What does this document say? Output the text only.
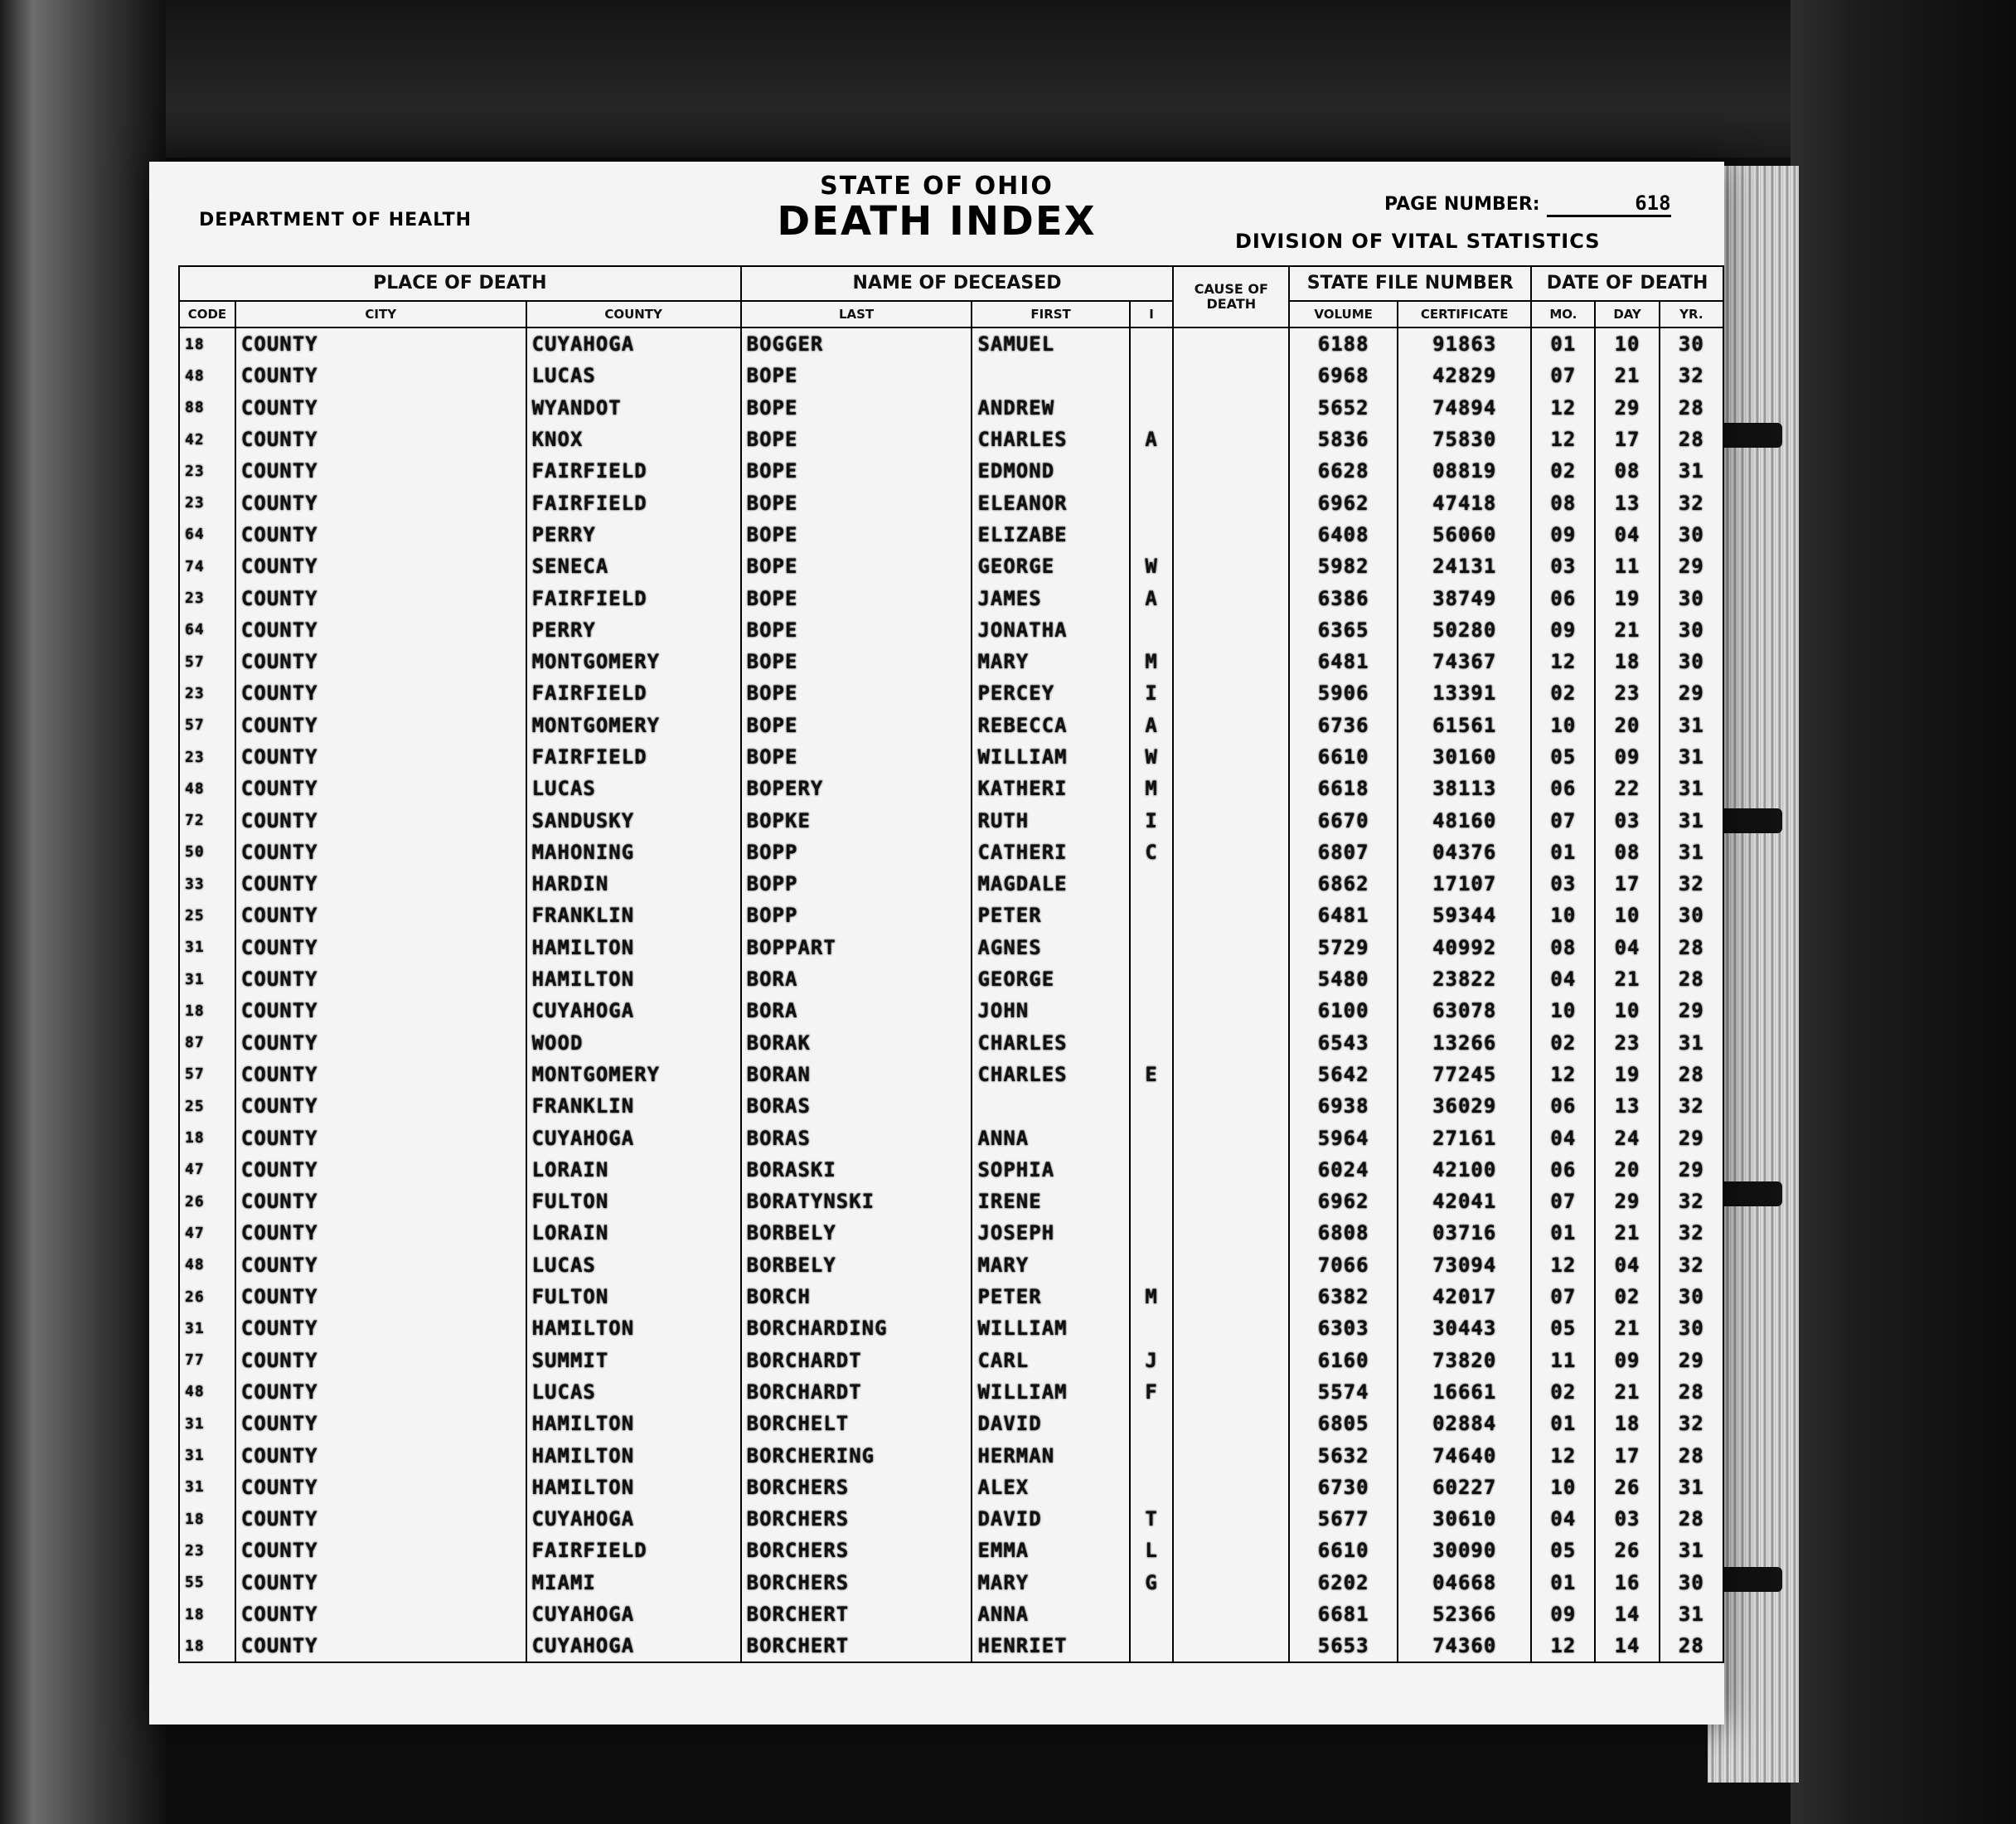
DEPARTMENT OF HEALTH
STATE OF OHIO
DEATH INDEX	PAGE NUMBER:	618
DIVISION OF VITAL STATISTICS
PLACE OF DEATH			NAME OF DECEASED			CAUSE OF DEATH	STATE FILE NUMBER		DATE OF DEATH		
CODE	CITY	COUNTY	LAST	FIRST	I		VOLUME	CERTIFICATE	MO.	DAY	YR.
18	COUNTY	CUYAHOGA	BOGGER	SAMUEL			6188	91863	01	10	30
48	COUNTY	LUCAS	BOPE				6968	42829	07	21	32
88	COUNTY	WYANDOT	BOPE	ANDREW			5652	74894	12	29	28
42	COUNTY	KNOX	BOPE	CHARLES	A		5836	75830	12	17	28
23	COUNTY	FAIRFIELD	BOPE	EDMOND			6628	08819	02	08	31
23	COUNTY	FAIRFIELD	BOPE	ELEANOR			6962	47418	08	13	32
64	COUNTY	PERRY	BOPE	ELIZABE			6408	56060	09	04	30
74	COUNTY	SENECA	BOPE	GEORGE	W		5982	24131	03	11	29
23	COUNTY	FAIRFIELD	BOPE	JAMES	A		6386	38749	06	19	30
64	COUNTY	PERRY	BOPE	JONATHA			6365	50280	09	21	30
57	COUNTY	MONTGOMERY	BOPE	MARY	M		6481	74367	12	18	30
23	COUNTY	FAIRFIELD	BOPE	PERCEY	I		5906	13391	02	23	29
57	COUNTY	MONTGOMERY	BOPE	REBECCA	A		6736	61561	10	20	31
23	COUNTY	FAIRFIELD	BOPE	WILLIAM	W		6610	30160	05	09	31
48	COUNTY	LUCAS	BOPERY	KATHERI	M		6618	38113	06	22	31
72	COUNTY	SANDUSKY	BOPKE	RUTH	I		6670	48160	07	03	31
50	COUNTY	MAHONING	BOPP	CATHERI	C		6807	04376	01	08	31
33	COUNTY	HARDIN	BOPP	MAGDALE			6862	17107	03	17	32
25	COUNTY	FRANKLIN	BOPP	PETER			6481	59344	10	10	30
31	COUNTY	HAMILTON	BOPPART	AGNES			5729	40992	08	04	28
31	COUNTY	HAMILTON	BORA	GEORGE			5480	23822	04	21	28
18	COUNTY	CUYAHOGA	BORA	JOHN			6100	63078	10	10	29
87	COUNTY	WOOD	BORAK	CHARLES			6543	13266	02	23	31
57	COUNTY	MONTGOMERY	BORAN	CHARLES	E		5642	77245	12	19	28
25	COUNTY	FRANKLIN	BORAS				6938	36029	06	13	32
18	COUNTY	CUYAHOGA	BORAS	ANNA			5964	27161	04	24	29
47	COUNTY	LORAIN	BORASKI	SOPHIA			6024	42100	06	20	29
26	COUNTY	FULTON	BORATYNSKI	IRENE			6962	42041	07	29	32
47	COUNTY	LORAIN	BORBELY	JOSEPH			6808	03716	01	21	32
48	COUNTY	LUCAS	BORBELY	MARY			7066	73094	12	04	32
26	COUNTY	FULTON	BORCH	PETER	M		6382	42017	07	02	30
31	COUNTY	HAMILTON	BORCHARDING	WILLIAM			6303	30443	05	21	30
77	COUNTY	SUMMIT	BORCHARDT	CARL	J		6160	73820	11	09	29
48	COUNTY	LUCAS	BORCHARDT	WILLIAM	F		5574	16661	02	21	28
31	COUNTY	HAMILTON	BORCHELT	DAVID			6805	02884	01	18	32
31	COUNTY	HAMILTON	BORCHERING	HERMAN			5632	74640	12	17	28
31	COUNTY	HAMILTON	BORCHERS	ALEX			6730	60227	10	26	31
18	COUNTY	CUYAHOGA	BORCHERS	DAVID	T		5677	30610	04	03	28
23	COUNTY	FAIRFIELD	BORCHERS	EMMA	L		6610	30090	05	26	31
55	COUNTY	MIAMI	BORCHERS	MARY	G		6202	04668	01	16	30
18	COUNTY	CUYAHOGA	BORCHERT	ANNA			6681	52366	09	14	31
18	COUNTY	CUYAHOGA	BORCHERT	HENRIET			5653	74360	12	14	28
